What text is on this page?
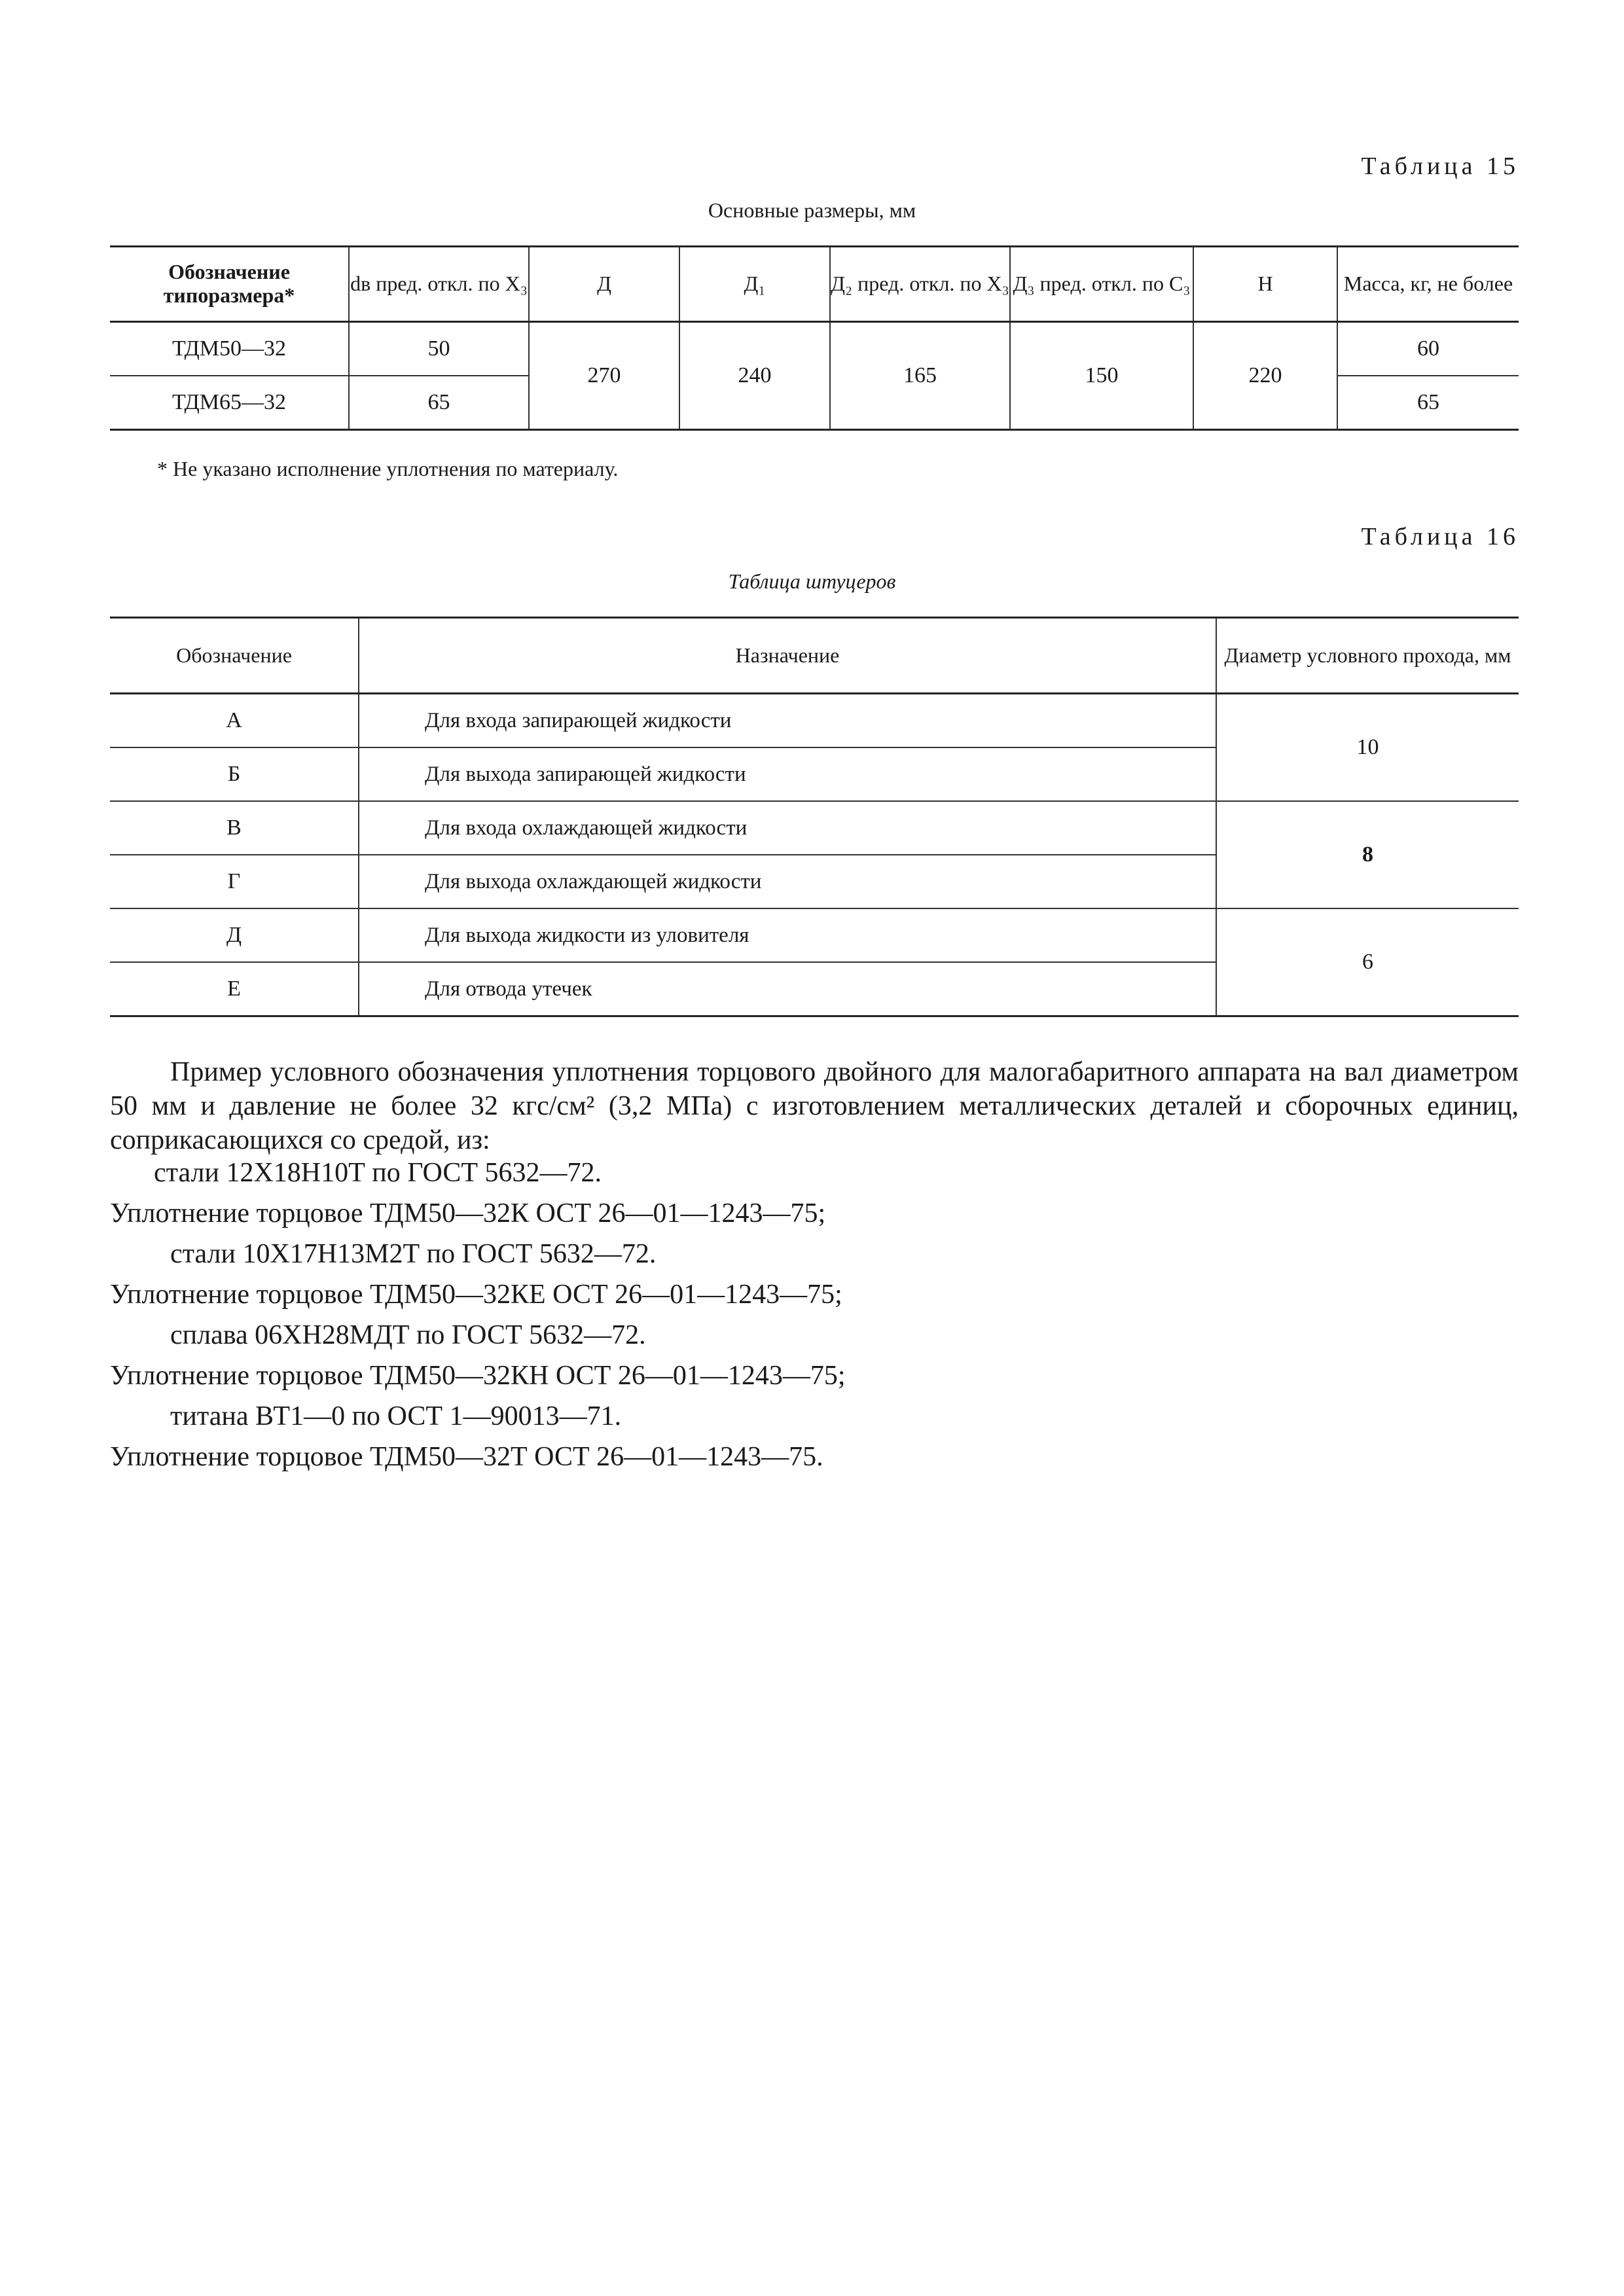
Таблица 15
Основные размеры, мм
Обозначение типоразмера*	dв пред. откл. по X₃	Д	Д₁	Д₂ пред. откл. по X₃	Д₃ пред. откл. по С₃	Н	Масса, кг, не более
ТДМ50—32	50	270	240	165	150	220	60
ТДМ65—32	65						65
* Не указано исполнение уплотнения по материалу.
Таблица 16
Таблица штуцеров
Обозначение	Назначение	Диаметр условного прохода, мм
А	Для входа запирающей жидкости	10
Б	Для выхода запирающей жидкости	
В	Для входа охлаждающей жидкости	8
Г	Для выхода охлаждающей жидкости	
Д	Для выхода жидкости из уловителя	6
Е	Для отвода утечек	
Пример условного обозначения уплотнения торцового двойного для малогабаритного аппарата на вал диаметром 50 мм и давление не более 32 кгс/см² (3,2 МПа) с изготовлением металлических деталей и сборочных единиц, соприкасающихся со средой, из:
стали 12Х18Н10Т по ГОСТ 5632—72.
Уплотнение торцовое ТДМ50—32К ОСТ 26—01—1243—75;
стали 10Х17Н13М2Т по ГОСТ 5632—72.
Уплотнение торцовое ТДМ50—32КЕ ОСТ 26—01—1243—75;
сплава 06ХН28МДТ по ГОСТ 5632—72.
Уплотнение торцовое ТДМ50—32КН ОСТ 26—01—1243—75;
титана ВТ1—0 по ОСТ 1—90013—71.
Уплотнение торцовое ТДМ50—32Т ОСТ 26—01—1243—75.
